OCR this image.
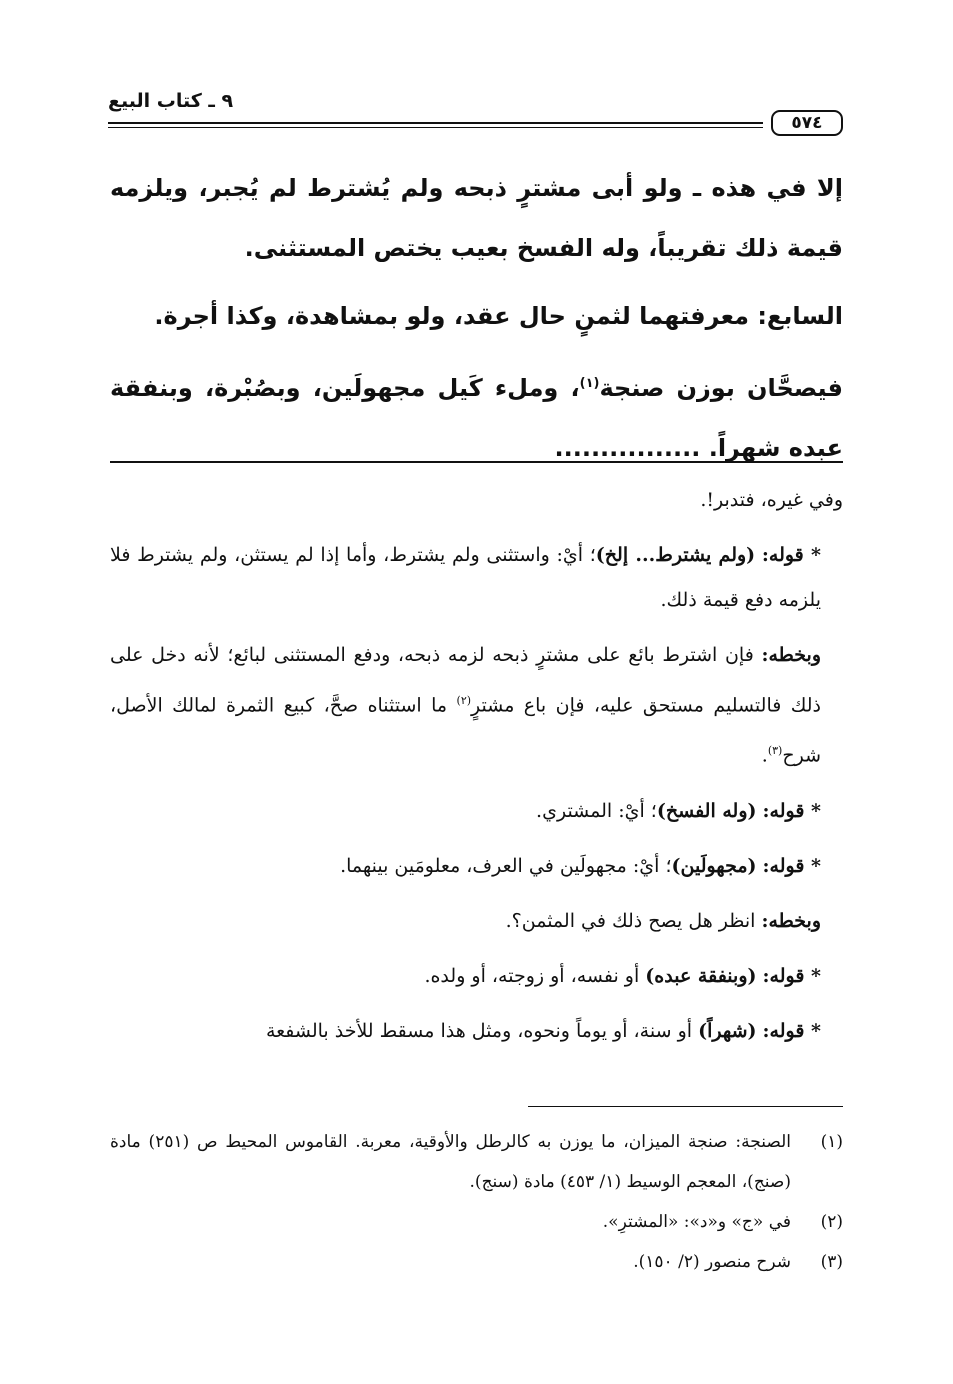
٩ ـ كتاب البيع
٥٧٤

إلا في هذه ـ ولو أبى مشترٍ ذبحه ولم يُشترط لم يُجبر، ويلزمه قيمة ذلك تقريباً، وله الفسخ بعيب يختص المستثنى.

السابع: معرفتهما لثمنٍ حال عقد، ولو بمشاهدة، وكذا أجرة.

فيصحَّان بوزن صنجة$^{(١)}$، وملء كَيل مجهولَين، وبصُبْرة، وبنفقة عبده شهراً. ................

وفي غيره، فتدبر!.

* قوله: (ولم يشترط... إلخ)؛ أيْ: واستثنى ولم يشترط، وأما إذا لم يستثن، ولم يشترط فلا يلزمه دفع قيمة ذلك.

وبخطه: فإن اشترط بائع على مشترٍ ذبحه لزمه ذبحه، ودفع المستثنى لبائع؛ لأنه دخل على ذلك فالتسليم مستحق عليه، فإن باع مشترٍ$^{(٢)}$ ما استثناه صحَّ، كبيع الثمرة لمالك الأصل، شرح$^{(٣)}$.

* قوله: (وله الفسخ)؛ أيْ: المشتري.

* قوله: (مجهولَين)؛ أيْ: مجهولَين في العرف، معلومَين بينهما.

وبخطه: انظر هل يصح ذلك في المثمن؟.

* قوله: (وبنفقة عبده) أو نفسه، أو زوجته، أو ولده.

* قوله: (شهراً) أو سنة، أو يوماً ونحوه، ومثل هذا مسقط للأخذ بالشفعة

(١)
الصنجة: صنجة الميزان، ما يوزن به كالرطل والأوقية، معربة. القاموس المحيط ص (٢٥١) مادة (صنج)، المعجم الوسيط (١/ ٤٥٣) مادة (سنج).
(٢)
في «ج» و«د»: «المشترِ».
(٣)
شرح منصور (٢/ ١٥٠).
